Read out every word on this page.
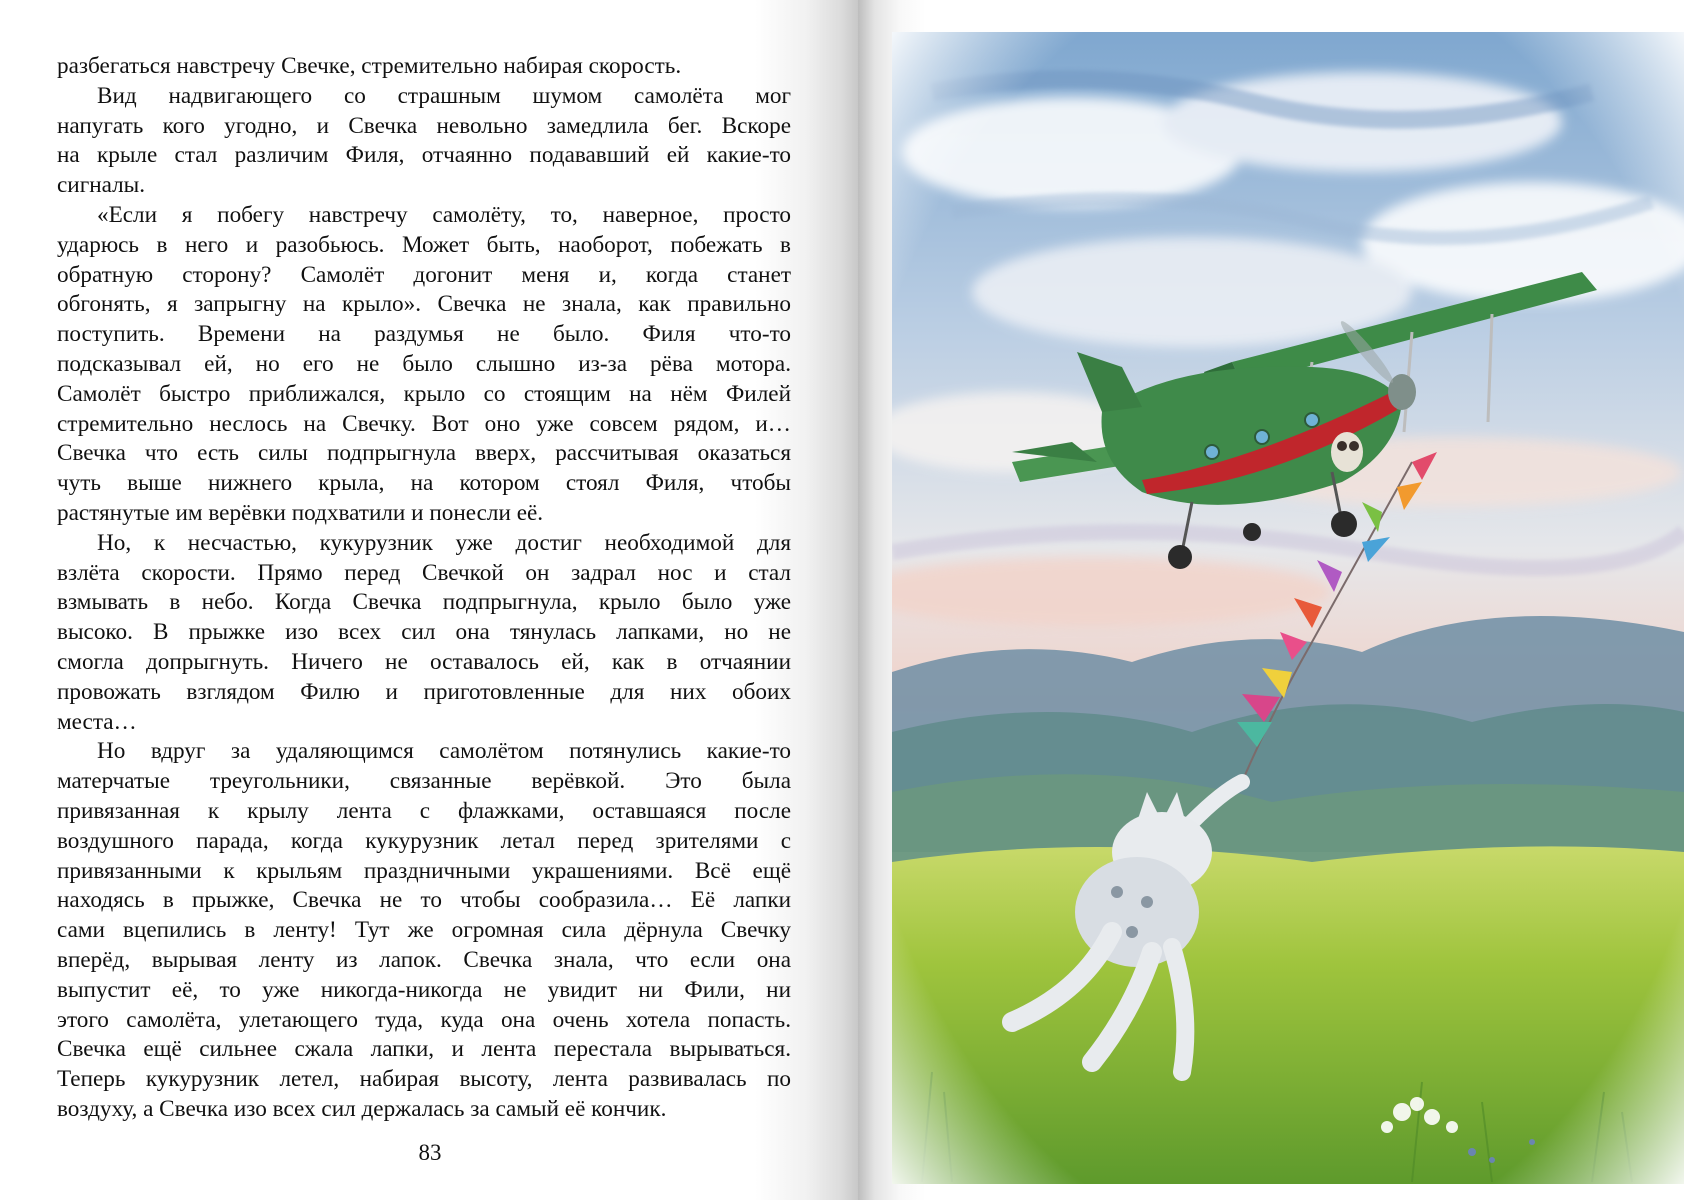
разбегаться навстречу Свечке, стремительно набирая скорость.
Вид надвигающего со страшным шумом самолёта мог
напугать кого угодно, и Свечка невольно замедлила бег. Вскоре
на крыле стал различим Филя, отчаянно подававший ей какие-то
сигналы.
«Если я побегу навстречу самолёту, то, наверное, просто
ударюсь в него и разобьюсь. Может быть, наоборот, побежать в
обратную сторону? Самолёт догонит меня и, когда станет
обгонять, я запрыгну на крыло». Свечка не знала, как правильно
поступить. Времени на раздумья не было. Филя что-то
подсказывал ей, но его не было слышно из-за рёва мотора.
Самолёт быстро приближался, крыло со стоящим на нём Филей
стремительно неслось на Свечку. Вот оно уже совсем рядом, и…
Свечка что есть силы подпрыгнула вверх, рассчитывая оказаться
чуть выше нижнего крыла, на котором стоял Филя, чтобы
растянутые им верёвки подхватили и понесли её.
Но, к несчастью, кукурузник уже достиг необходимой для
взлёта скорости. Прямо перед Свечкой он задрал нос и стал
взмывать в небо. Когда Свечка подпрыгнула, крыло было уже
высоко. В прыжке изо всех сил она тянулась лапками, но не
смогла допрыгнуть. Ничего не оставалось ей, как в отчаянии
провожать взглядом Филю и приготовленные для них обоих
места…
Но вдруг за удаляющимся самолётом потянулись какие-то
матерчатые треугольники, связанные верёвкой. Это была
привязанная к крылу лента с флажками, оставшаяся после
воздушного парада, когда кукурузник летал перед зрителями с
привязанными к крыльям праздничными украшениями. Всё ещё
находясь в прыжке, Свечка не то чтобы сообразила… Её лапки
сами вцепились в ленту! Тут же огромная сила дёрнула Свечку
вперёд, вырывая ленту из лапок. Свечка знала, что если она
выпустит её, то уже никогда-никогда не увидит ни Фили, ни
этого самолёта, улетающего туда, куда она очень хотела попасть.
Свечка ещё сильнее сжала лапки, и лента перестала вырываться.
Теперь кукурузник летел, набирая высоту, лента развивалась по
воздуху, а Свечка изо всех сил держалась за самый её кончик.
83
